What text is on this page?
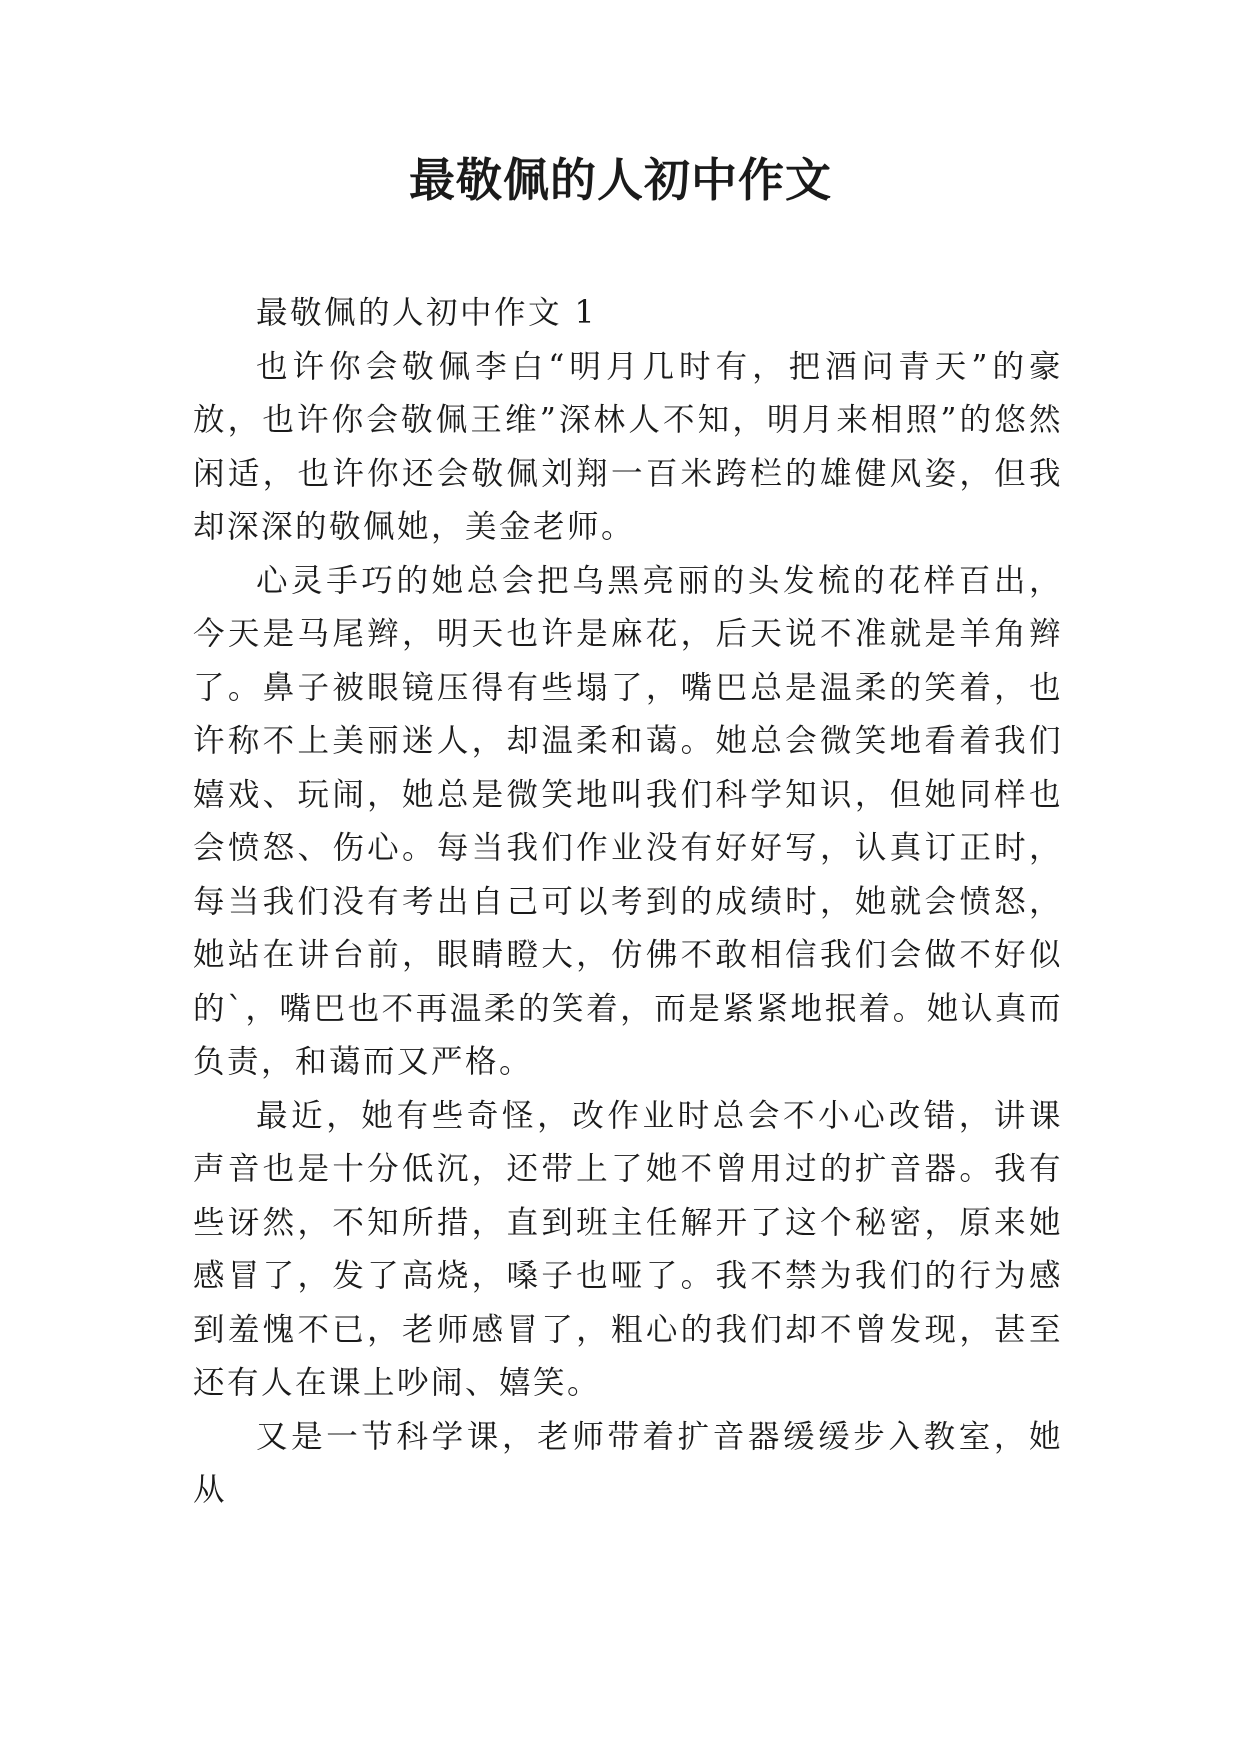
最敬佩的人初中作文

最敬佩的人初中作文 1

也许你会敬佩李白“明月几时有，把酒问青天”的豪放，也许你会敬佩王维”深林人不知，明月来相照”的悠然闲适，也许你还会敬佩刘翔一百米跨栏的雄健风姿，但我却深深的敬佩她，美金老师。

心灵手巧的她总会把乌黑亮丽的头发梳的花样百出，今天是马尾辫，明天也许是麻花，后天说不准就是羊角辫了。鼻子被眼镜压得有些塌了，嘴巴总是温柔的笑着，也许称不上美丽迷人，却温柔和蔼。她总会微笑地看着我们嬉戏、玩闹，她总是微笑地叫我们科学知识，但她同样也会愤怒、伤心。每当我们作业没有好好写，认真订正时，每当我们没有考出自己可以考到的成绩时，她就会愤怒，她站在讲台前，眼睛瞪大，仿佛不敢相信我们会做不好似的`，嘴巴也不再温柔的笑着，而是紧紧地抿着。她认真而负责，和蔼而又严格。

最近，她有些奇怪，改作业时总会不小心改错，讲课声音也是十分低沉，还带上了她不曾用过的扩音器。我有些讶然，不知所措，直到班主任解开了这个秘密，原来她感冒了，发了高烧，嗓子也哑了。我不禁为我们的行为感到羞愧不已，老师感冒了，粗心的我们却不曾发现，甚至还有人在课上吵闹、嬉笑。

又是一节科学课，老师带着扩音器缓缓步入教室，她从
